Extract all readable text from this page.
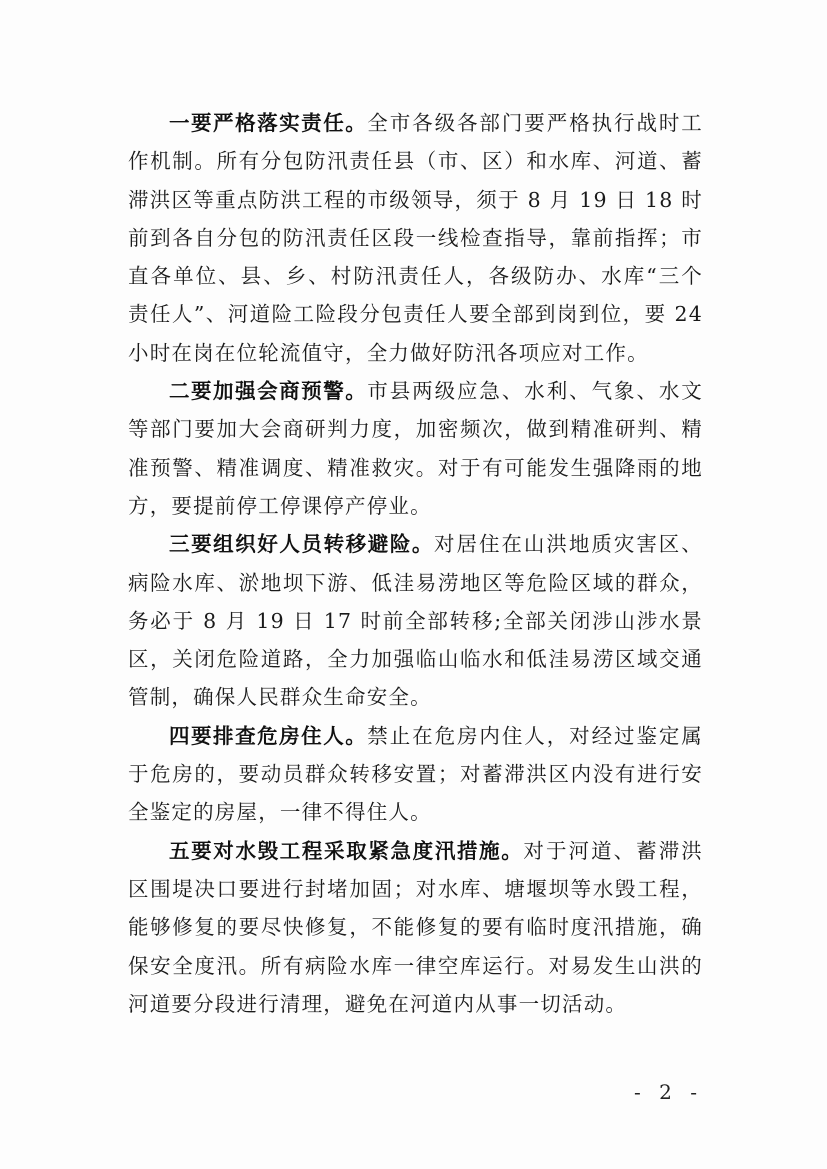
一要严格落实责任。全市各级各部门要严格执行战时工作机制。所有分包防汛责任县（市、区）和水库、河道、蓄滞洪区等重点防洪工程的市级领导，须于 8 月 19 日 18 时前到各自分包的防汛责任区段一线检查指导，靠前指挥；市直各单位、县、乡、村防汛责任人，各级防办、水库“三个责任人”、河道险工险段分包责任人要全部到岗到位，要 24 小时在岗在位轮流值守，全力做好防汛各项应对工作。

二要加强会商预警。市县两级应急、水利、气象、水文等部门要加大会商研判力度，加密频次，做到精准研判、精准预警、精准调度、精准救灾。对于有可能发生强降雨的地方，要提前停工停课停产停业。

三要组织好人员转移避险。对居住在山洪地质灾害区、病险水库、淤地坝下游、低洼易涝地区等危险区域的群众，务必于 8 月 19 日 17 时前全部转移;全部关闭涉山涉水景区，关闭危险道路，全力加强临山临水和低洼易涝区域交通管制，确保人民群众生命安全。

四要排查危房住人。禁止在危房内住人，对经过鉴定属于危房的，要动员群众转移安置；对蓄滞洪区内没有进行安全鉴定的房屋，一律不得住人。

五要对水毁工程采取紧急度汛措施。对于河道、蓄滞洪区围堤决口要进行封堵加固；对水库、塘堰坝等水毁工程，能够修复的要尽快修复，不能修复的要有临时度汛措施，确保安全度汛。所有病险水库一律空库运行。对易发生山洪的河道要分段进行清理，避免在河道内从事一切活动。

- 2 -
